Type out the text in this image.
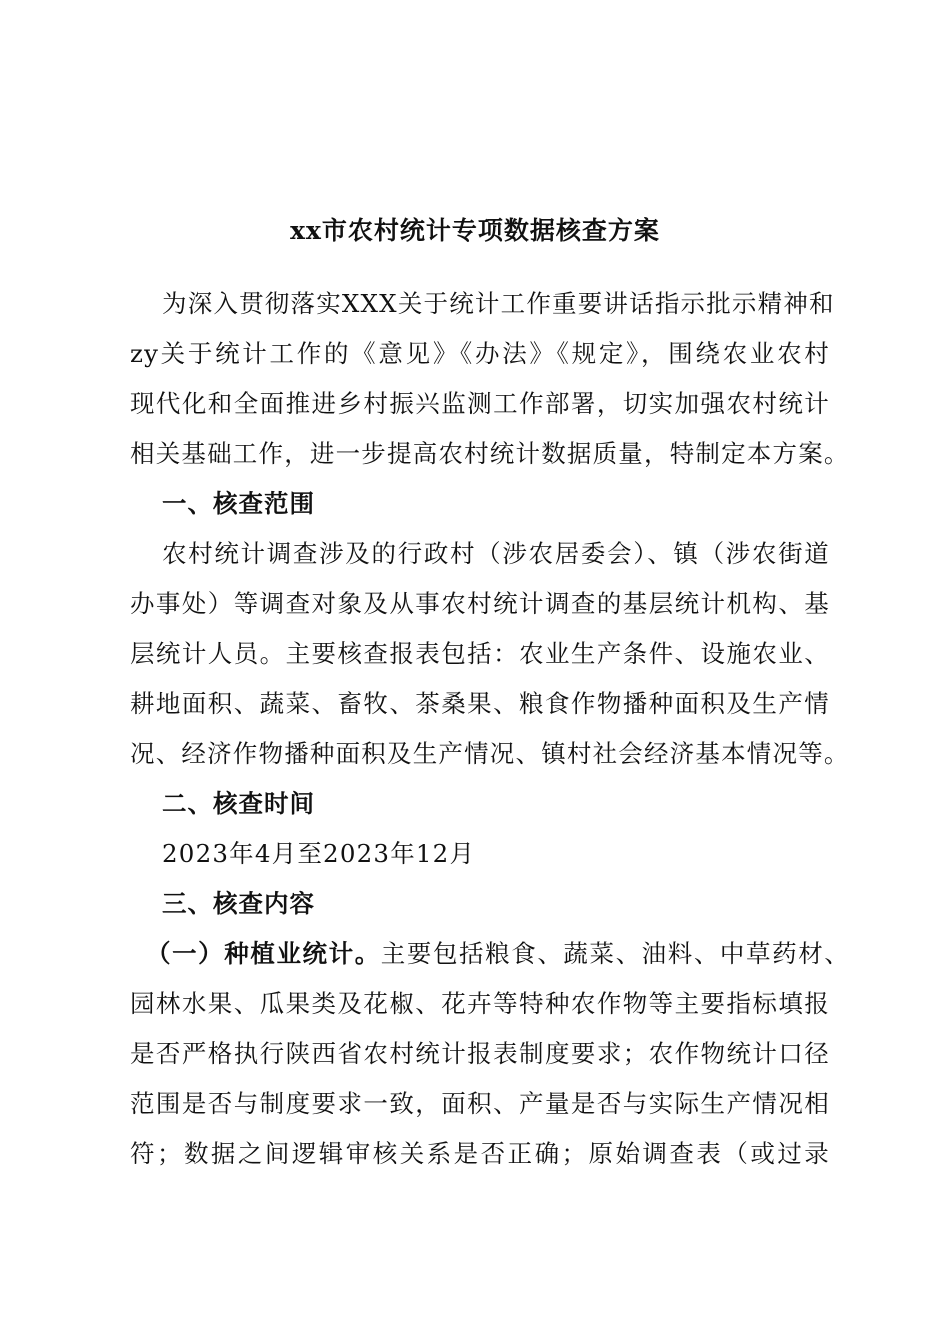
xx市农村统计专项数据核查方案
为深入贯彻落实XXX关于统计工作重要讲话指示批示精神和
zy关于统计工作的《意见》《办法》《规定》，围绕农业农村
现代化和全面推进乡村振兴监测工作部署，切实加强农村统计
相关基础工作，进一步提高农村统计数据质量，特制定本方案。
一、核查范围
农村统计调查涉及的行政村（涉农居委会）、镇（涉农街道
办事处）等调查对象及从事农村统计调查的基层统计机构、基
层统计人员。主要核查报表包括：农业生产条件、设施农业、
耕地面积、蔬菜、畜牧、茶桑果、粮食作物播种面积及生产情
况、经济作物播种面积及生产情况、镇村社会经济基本情况等。
二、核查时间
2023年4月至2023年12月
三、核查内容
（一）种植业统计。主要包括粮食、蔬菜、油料、中草药材、
园林水果、瓜果类及花椒、花卉等特种农作物等主要指标填报
是否严格执行陕西省农村统计报表制度要求；农作物统计口径
范围是否与制度要求一致，面积、产量是否与实际生产情况相
符；数据之间逻辑审核关系是否正确；原始调查表（或过录
